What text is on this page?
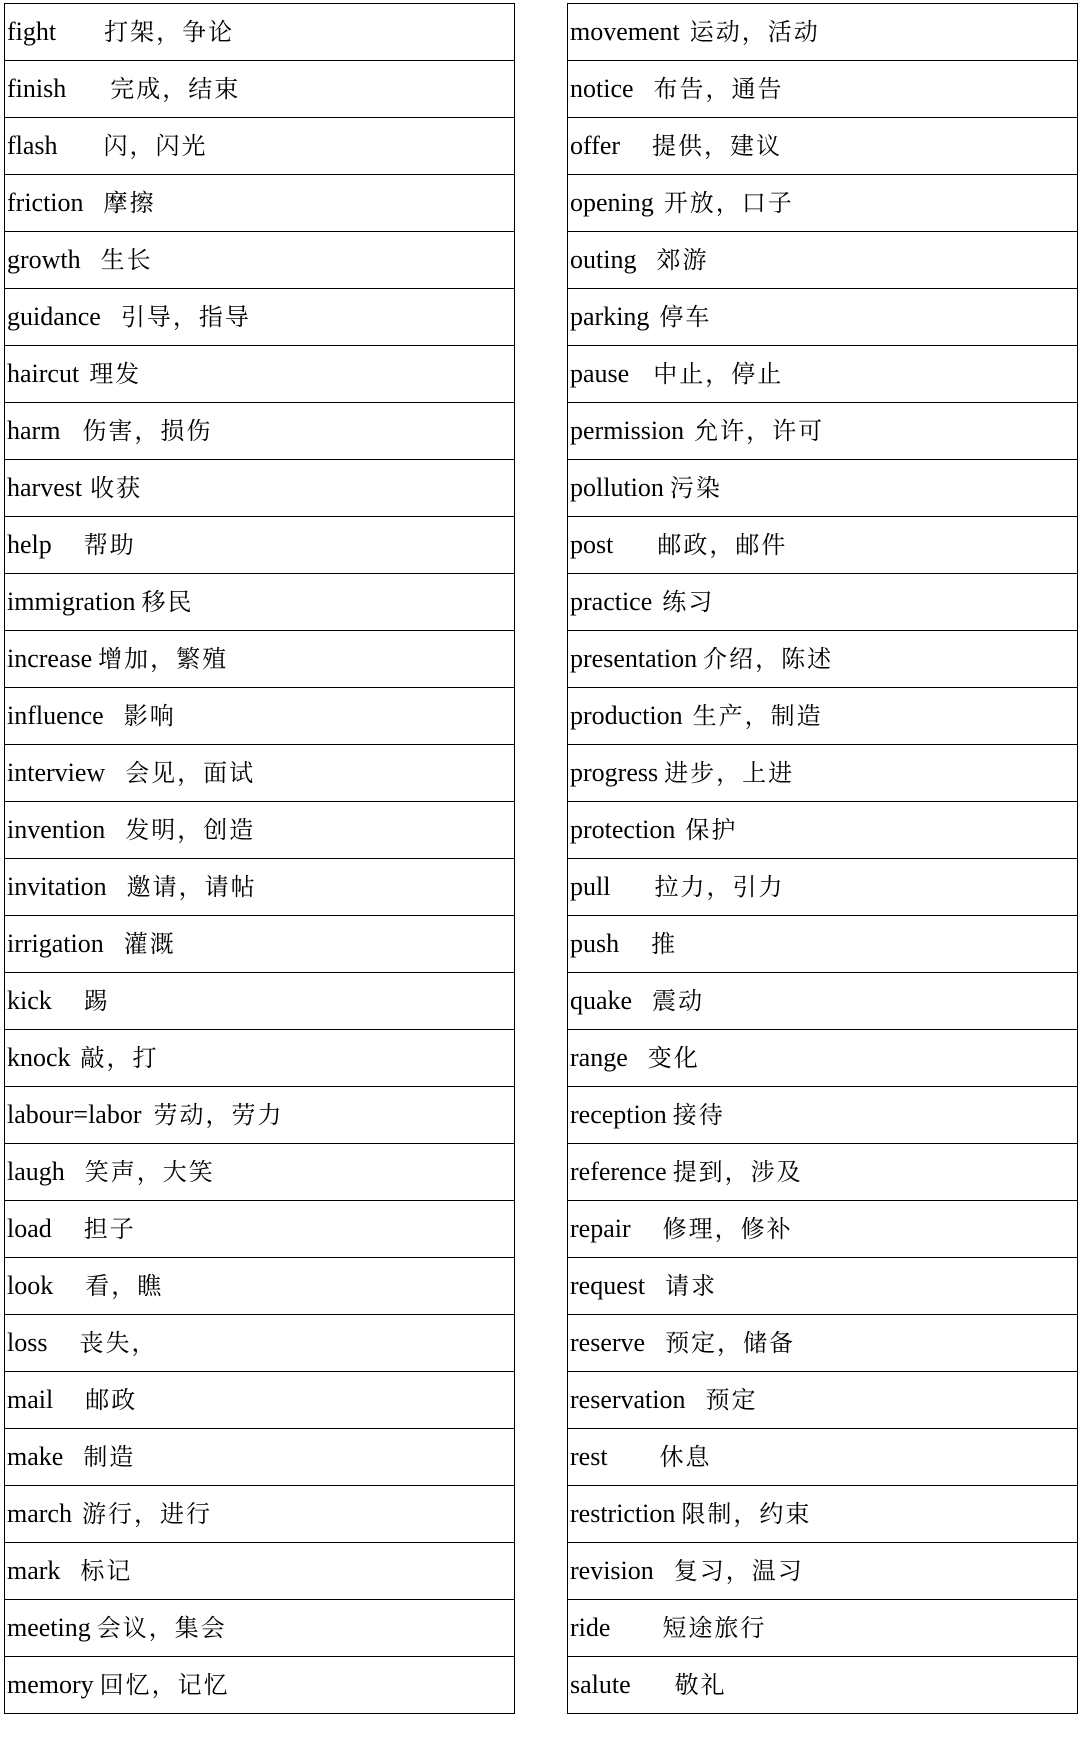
fight 打架，争论
finish 完成，结束
flash 闪，闪光
friction 摩擦
growth 生长
guidance 引导，指导
haircut 理发
harm 伤害，损伤
harvest 收获
help 帮助
immigration 移民
increase 增加，繁殖
influence 影响
interview 会见，面试
invention 发明，创造
invitation 邀请，请帖
irrigation 灌溉
kick 踢
knock 敲，打
labour=labor 劳动，劳力
laugh 笑声，大笑
load 担子
look 看，瞧
loss 丧失，
mail 邮政
make 制造
march 游行，进行
mark 标记
meeting 会议，集会
memory 回忆，记忆
movement 运动，活动
notice 布告，通告
offer 提供，建议
opening 开放，口子
outing 郊游
parking 停车
pause 中止，停止
permission 允许，许可
pollution 污染
post 邮政，邮件
practice 练习
presentation 介绍，陈述
production 生产，制造
progress 进步，上进
protection 保护
pull 拉力，引力
push 推
quake 震动
range 变化
reception 接待
reference 提到，涉及
repair 修理，修补
request 请求
reserve 预定，储备
reservation 预定
rest 休息
restriction 限制，约束
revision 复习，温习
ride 短途旅行
salute 敬礼
